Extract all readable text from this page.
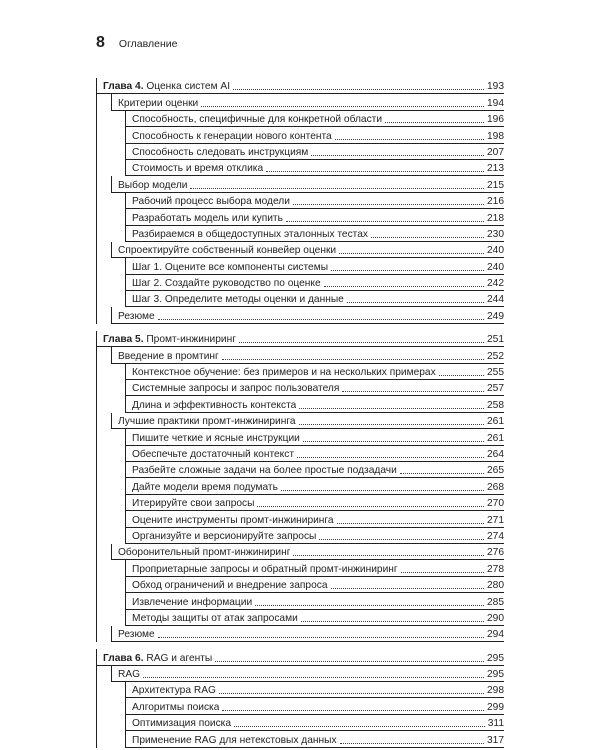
8 Оглавление
Глава 4. Оценка систем AI	193
Критерии оценки	194
Способность, специфичные для конкретной области	196
Способность к генерации нового контента	198
Способность следовать инструкциям	207
Стоимость и время отклика	213
Выбор модели	215
Рабочий процесс выбора модели	216
Разработать модель или купить	218
Разбираемся в общедоступных эталонных тестах	230
Спроектируйте собственный конвейер оценки	240
Шаг 1. Оцените все компоненты системы	240
Шаг 2. Создайте руководство по оценке	242
Шаг 3. Определите методы оценки и данные	244
Резюме	249
Глава 5. Промт-инжиниринг	251
Введение в промтинг	252
Контекстное обучение: без примеров и на нескольких примерах	255
Системные запросы и запрос пользователя	257
Длина и эффективность контекста	258
Лучшие практики промт-инжиниринга	261
Пишите четкие и ясные инструкции	261
Обеспечьте достаточный контекст	264
Разбейте сложные задачи на более простые подзадачи	265
Дайте модели время подумать	268
Итерируйте свои запросы	270
Оцените инструменты промт-инжиниринга	271
Организуйте и версионируйте запросы	274
Оборонительный промт-инжиниринг	276
Проприетарные запросы и обратный промт-инжиниринг	278
Обход ограничений и внедрение запроса	280
Извлечение информации	285
Методы защиты от атак запросами	290
Резюме	294
Глава 6. RAG и агенты	295
RAG	295
Архитектура RAG	298
Алгоритмы поиска	299
Оптимизация поиска	311
Применение RAG для нетекстовых данных	317
